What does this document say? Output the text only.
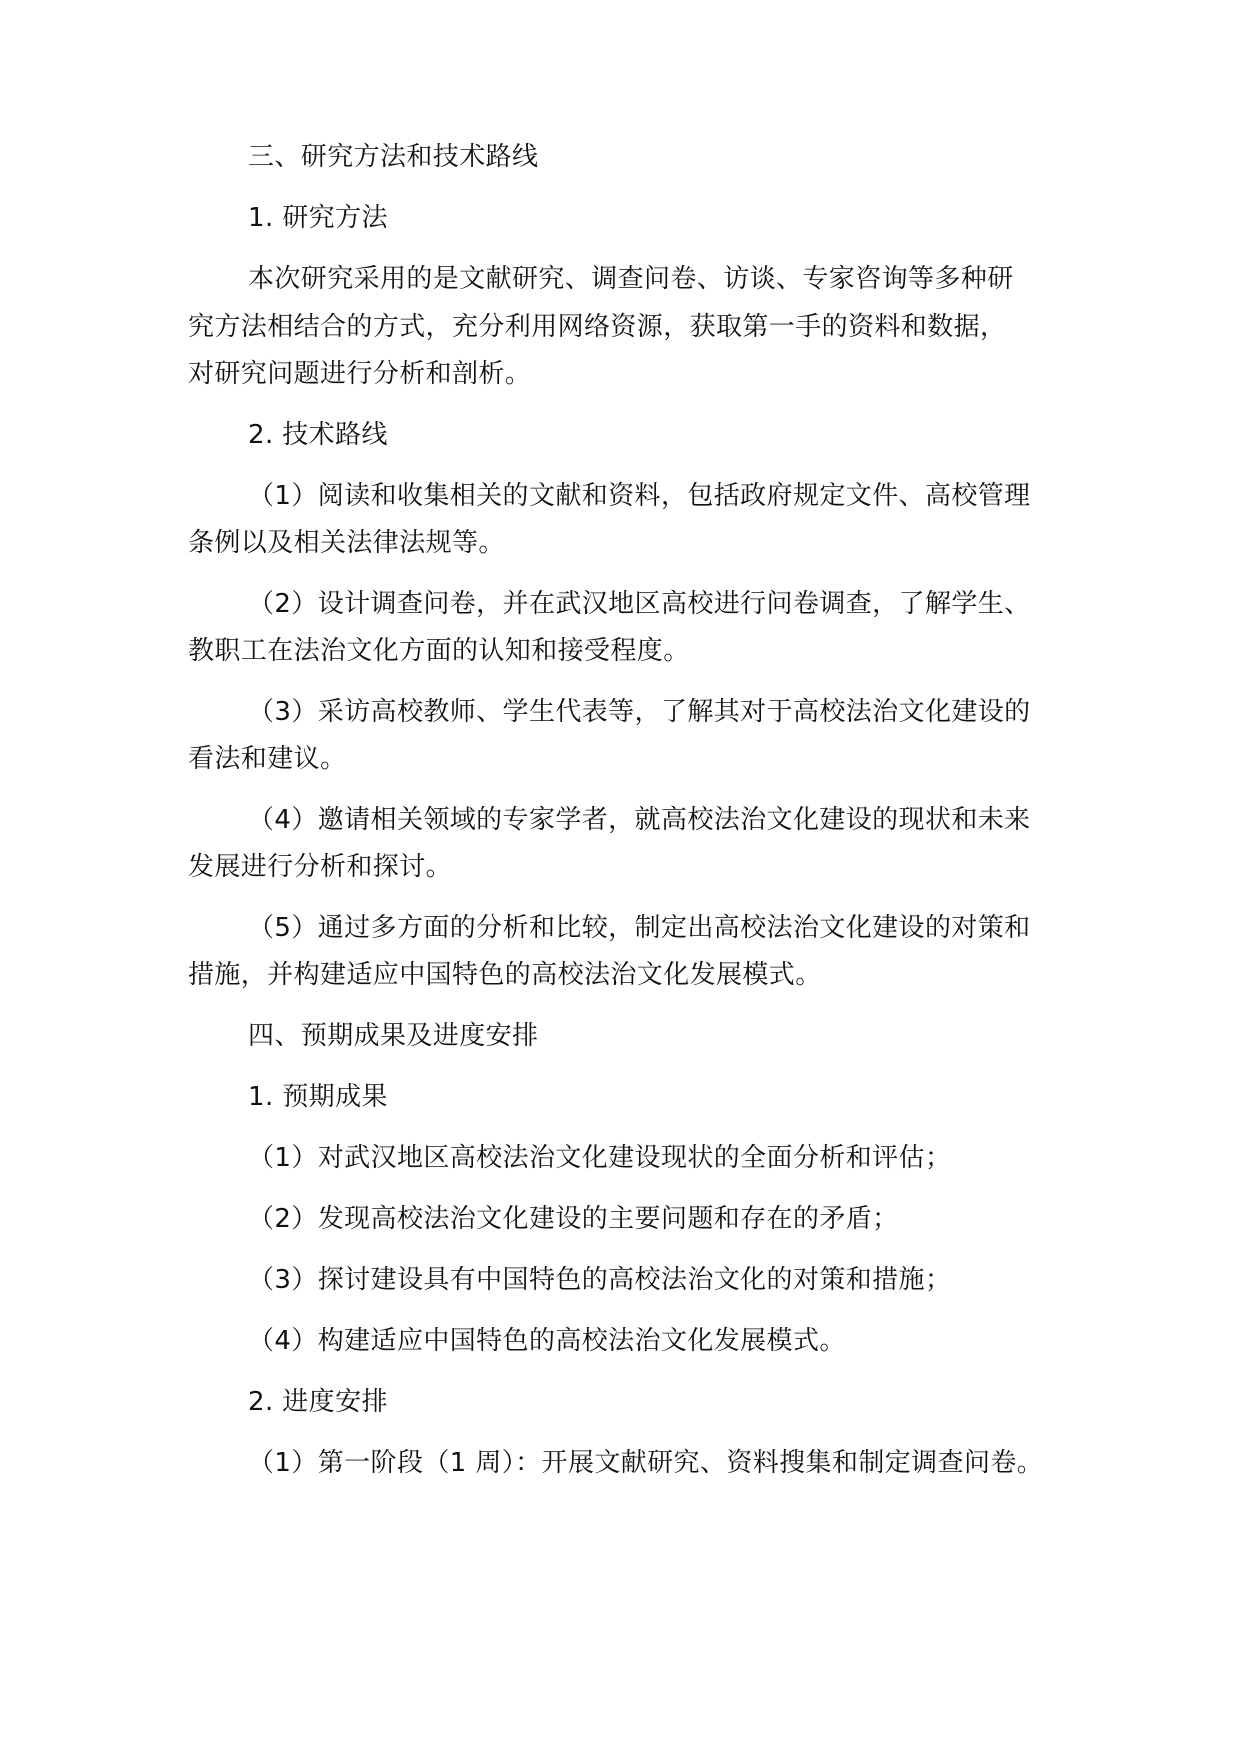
三、研究方法和技术路线
1. 研究方法
本次研究采用的是文献研究、调查问卷、访谈、专家咨询等多种研
究方法相结合的方式，充分利用网络资源，获取第一手的资料和数据，
对研究问题进行分析和剖析。
2. 技术路线
（1）阅读和收集相关的文献和资料，包括政府规定文件、高校管理
条例以及相关法律法规等。
（2）设计调查问卷，并在武汉地区高校进行问卷调查，了解学生、
教职工在法治文化方面的认知和接受程度。
（3）采访高校教师、学生代表等，了解其对于高校法治文化建设的
看法和建议。
（4）邀请相关领域的专家学者，就高校法治文化建设的现状和未来
发展进行分析和探讨。
（5）通过多方面的分析和比较，制定出高校法治文化建设的对策和
措施，并构建适应中国特色的高校法治文化发展模式。
四、预期成果及进度安排
1. 预期成果
（1）对武汉地区高校法治文化建设现状的全面分析和评估；
（2）发现高校法治文化建设的主要问题和存在的矛盾；
（3）探讨建设具有中国特色的高校法治文化的对策和措施；
（4）构建适应中国特色的高校法治文化发展模式。
2. 进度安排
（1）第一阶段（1 周）：开展文献研究、资料搜集和制定调查问卷。
